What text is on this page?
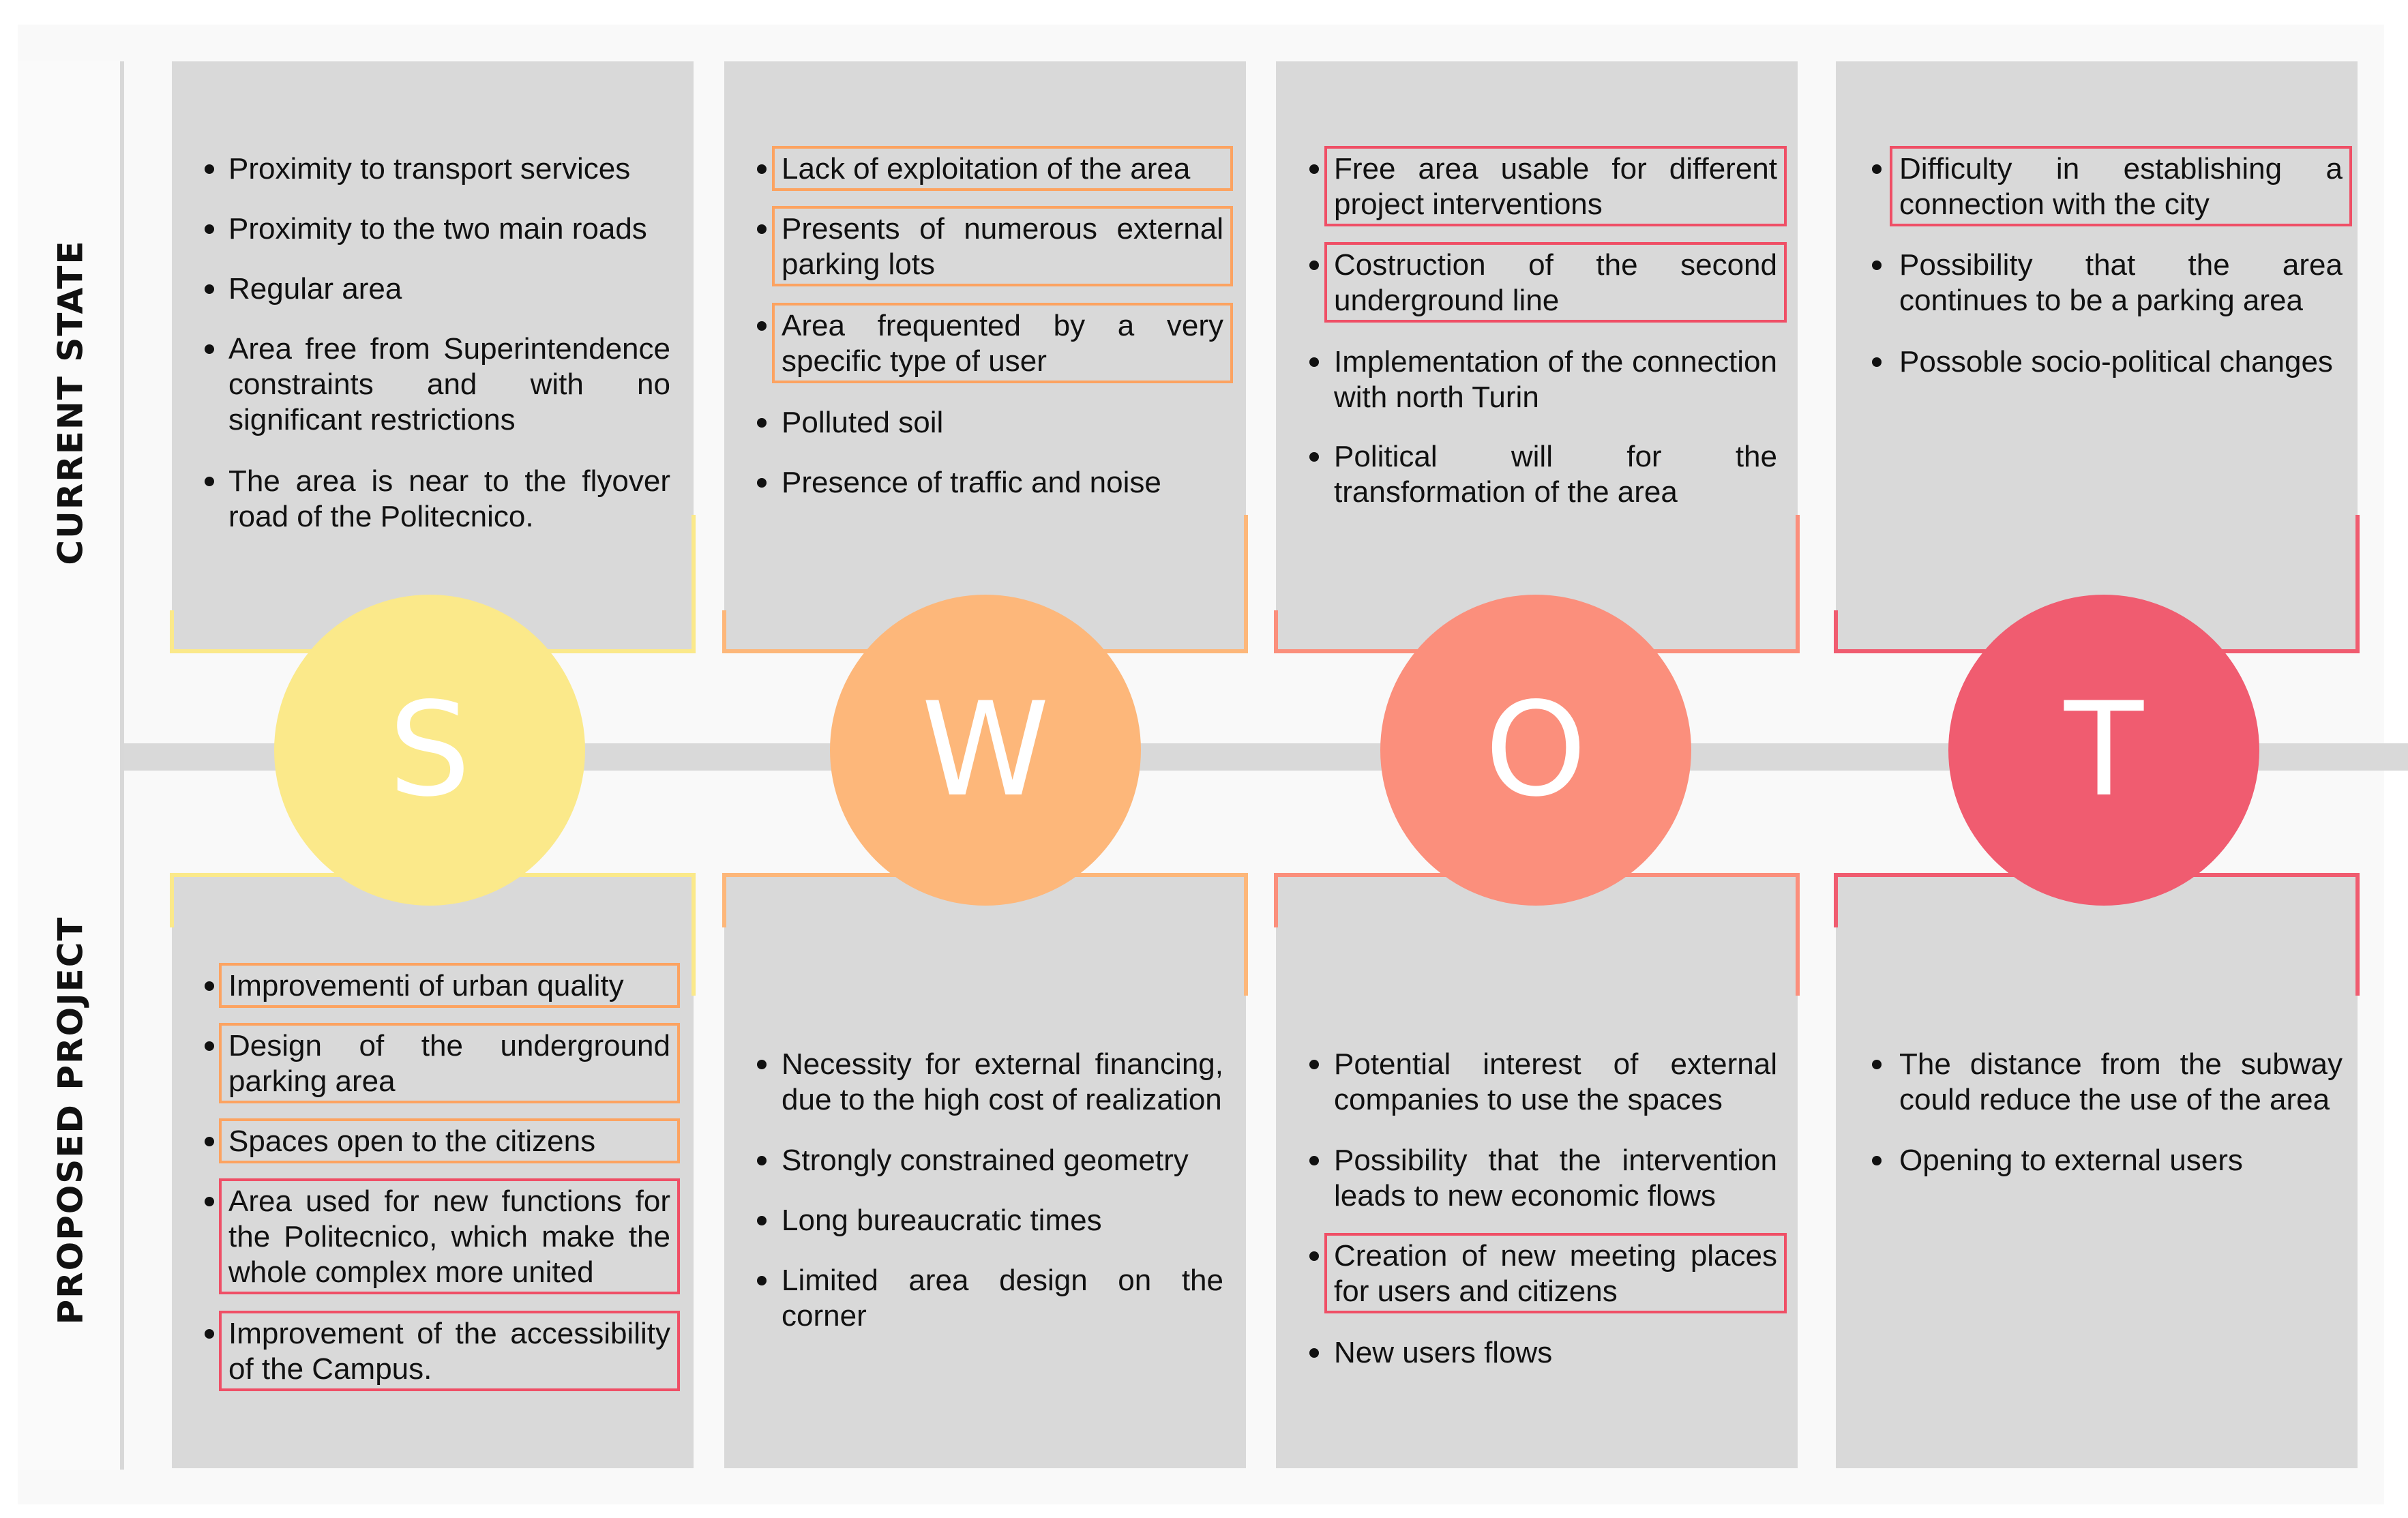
CURRENT STATE
PROPOSED PROJECT
Proximity to transport services
Proximity to the two main roads
Regular area
Area free from Superintendence constraints and with no significant restrictions
The area is near to the flyover road of the Politecnico.
Improvementi of urban quality
Design of the underground parking area
Spaces open to the citizens
Area used for new functions for the Politecnico, which make the whole complex more united
Improvement of the accessibility of the Campus.
S
Lack of exploitation of the area
Presents of numerous external parking lots
Area frequented by a very specific type of user
Polluted soil
Presence of traffic and noise
Necessity for external financing, due to the high cost of realization
Strongly constrained geometry
Long bureaucratic times
Limited area design on the corner
W
Free area usable for different project interventions
Costruction of the second underground line
Implementation of the connection with north Turin
Political will for the transformation of the area
Potential interest of external companies to use the spaces
Possibility that the intervention leads to new economic flows
Creation of new meeting places for users and citizens
New users flows
O
Difficulty in establishing a connection with the city
Possibility that the area continues to be a parking area
Possoble socio-political changes
The distance from the subway could reduce the use of the area
Opening to external users
T
